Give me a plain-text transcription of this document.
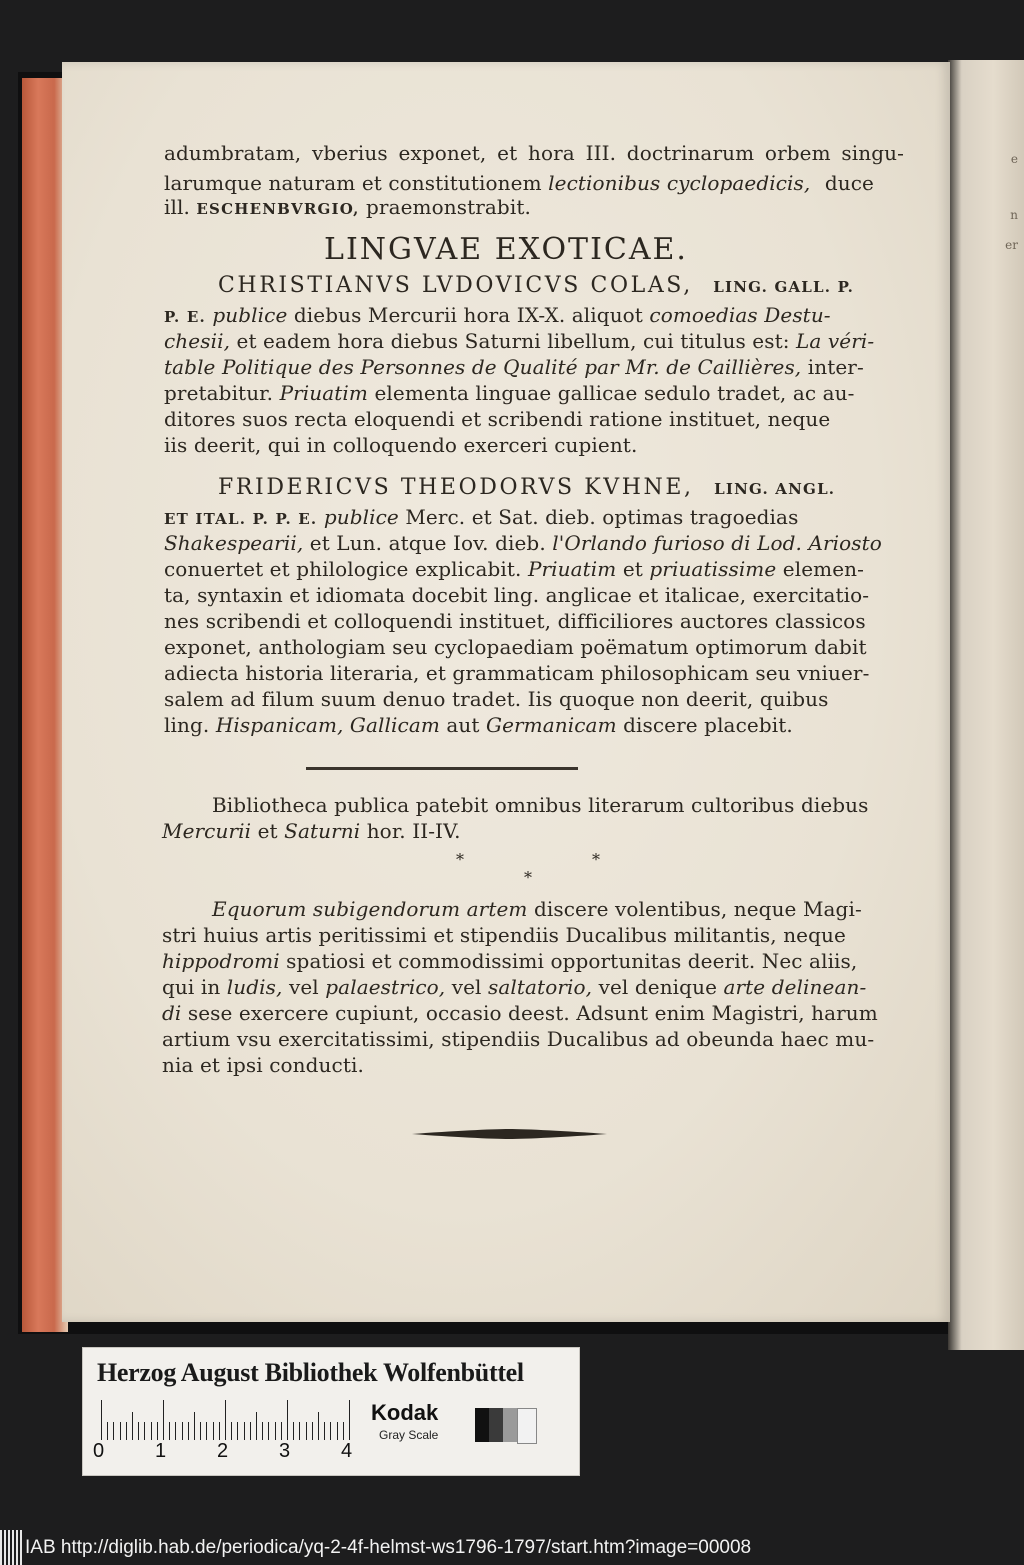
e
n
er
adumbratam, vberius exponet, et hora III. doctrinarum orbem singu-
larumque naturam et constitutionem lectionibus cyclopaedicis, duce
ill. ESCHENBVRGIO, praemonstrabit.
LINGVAE EXOTICAE.
CHRISTIANVS LVDOVICVS COLAS, LING. GALL. P.
P. E. publice diebus Mercurii hora IX-X. aliquot comoedias Destu-
chesii, et eadem hora diebus Saturni libellum, cui titulus est: La véri-
table Politique des Personnes de Qualité par Mr. de Caillières, inter-
pretabitur. Priuatim elementa linguae gallicae sedulo tradet, ac au-
ditores suos recta eloquendi et scribendi ratione instituet, neque
iis deerit, qui in colloquendo exerceri cupient.
FRIDERICVS THEODORVS KVHNE, LING. ANGL.
ET ITAL. P. P. E. publice Merc. et Sat. dieb. optimas tragoedias
Shakespearii, et Lun. atque Iov. dieb. l'Orlando furioso di Lod. Ariosto
conuertet et philologice explicabit. Priuatim et priuatissime elemen-
ta, syntaxin et idiomata docebit ling. anglicae et italicae, exercitatio-
nes scribendi et colloquendi instituet, difficiliores auctores classicos
exponet, anthologiam seu cyclopaediam poëmatum optimorum dabit
adiecta historia literaria, et grammaticam philosophicam seu vniuer-
salem ad filum suum denuo tradet. Iis quoque non deerit, quibus
ling. Hispanicam, Gallicam aut Germanicam discere placebit.
Bibliotheca publica patebit omnibus literarum cultoribus diebus
Mercurii et Saturni hor. II-IV.
*	*
*
Equorum subigendorum artem discere volentibus, neque Magi-
stri huius artis peritissimi et stipendiis Ducalibus militantis, neque
hippodromi spatiosi et commodissimi opportunitas deerit. Nec aliis,
qui in ludis, vel palaestrico, vel saltatorio, vel denique arte delinean-
di sese exercere cupiunt, occasio deest. Adsunt enim Magistri, harum
artium vsu exercitatissimi, stipendiis Ducalibus ad obeunda haec mu-
nia et ipsi conducti.
Herzog August Bibliothek Wolfenbüttel
0	1	2	3	4
Kodak
Gray Scale
IAB http://diglib.hab.de/periodica/yq-2-4f-helmst-ws1796-1797/start.htm?image=00008
